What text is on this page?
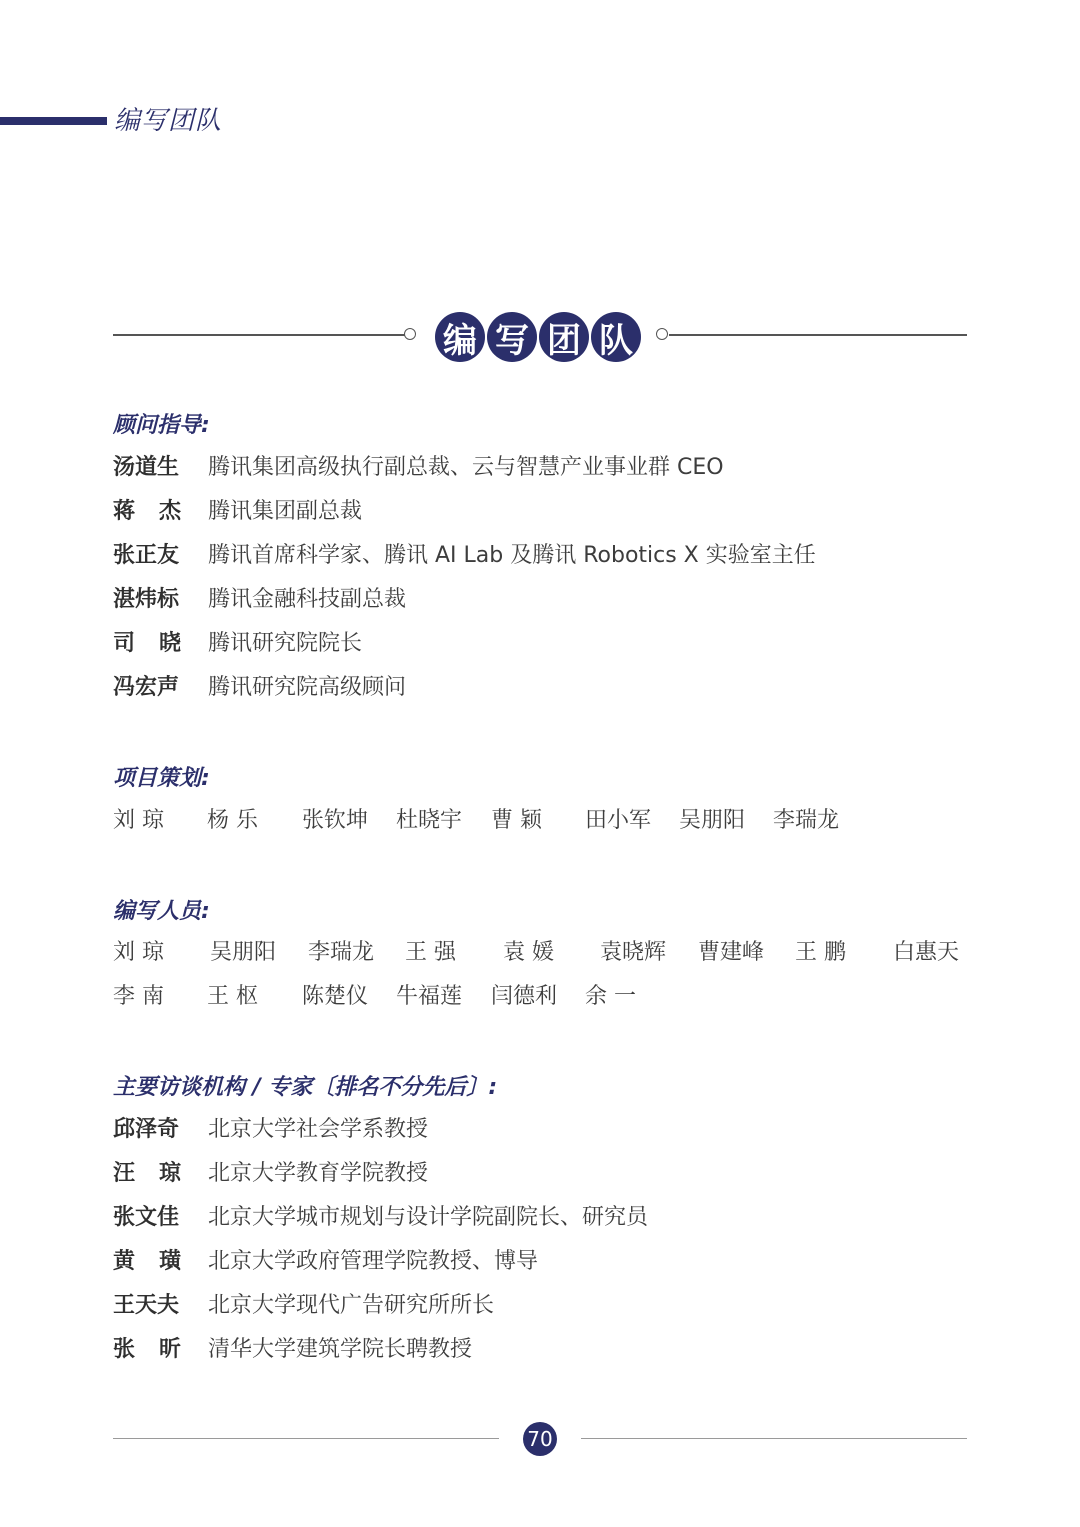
编写团队
编 写 团 队
顾问指导:
汤道生	腾讯集团高级执行副总裁、云与智慧产业事业群 CEO
蒋杰 腾讯集团副总裁
张正友	腾讯首席科学家、腾讯 AI Lab 及腾讯 Robotics X 实验室主任
湛炜标	腾讯金融科技副总裁
司晓 腾讯研究院院长
冯宏声	腾讯研究院高级顾问
项目策划:
刘 琼 杨 乐 张钦坤 杜晓宇 曹 颖 田小军 吴朋阳 李瑞龙
编写人员:
刘 琼 吴朋阳 李瑞龙 王 强 袁 媛 袁晓辉 曹建峰 王 鹏 白惠天
李 南 王 枢 陈楚仪 牛福莲 闫德利 余 一
主要访谈机构 / 专家〔排名不分先后〕:
邱泽奇	北京大学社会学系教授
汪琼 北京大学教育学院教授
张文佳	北京大学城市规划与设计学院副院长、研究员
黄璜 北京大学政府管理学院教授、博导
王天夫	北京大学现代广告研究所所长
张昕 清华大学建筑学院长聘教授
70
